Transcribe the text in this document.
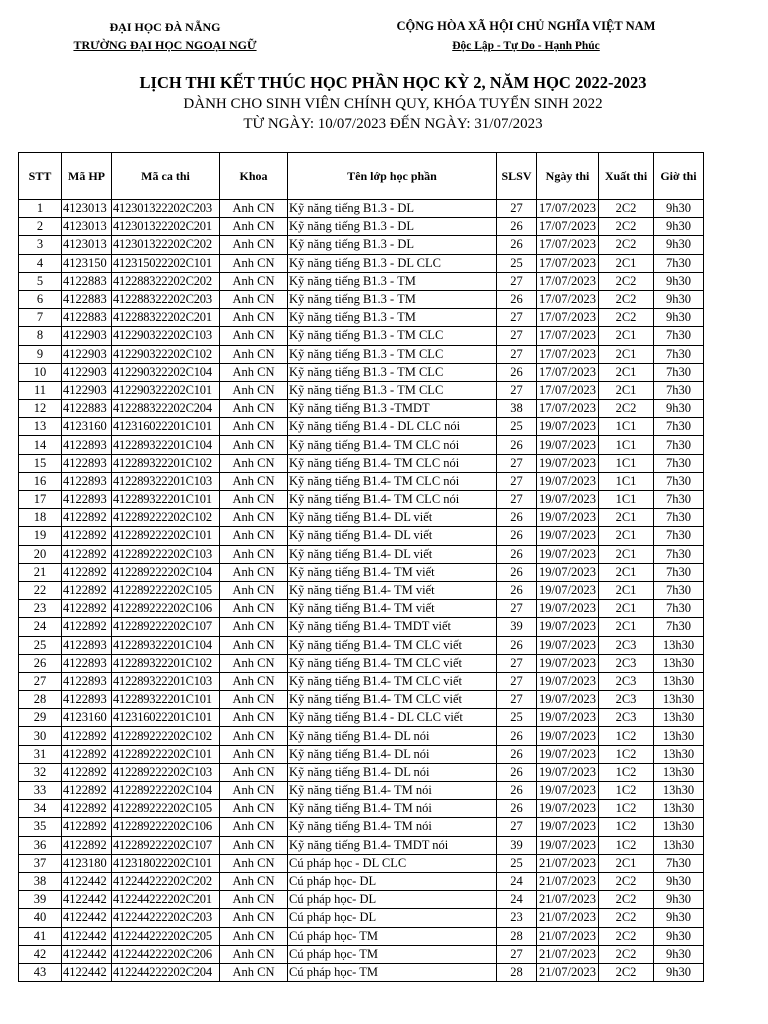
ĐẠI HỌC ĐÀ NẴNG
TRƯỜNG ĐẠI HỌC NGOẠI NGỮ
CỘNG HÒA XÃ HỘI CHỦ NGHĨA VIỆT NAM
Độc Lập - Tự Do - Hạnh Phúc
LỊCH THI KẾT THÚC HỌC PHẦN HỌC KỲ 2, NĂM HỌC 2022-2023
DÀNH CHO SINH VIÊN CHÍNH QUY, KHÓA TUYỂN SINH 2022
TỪ NGÀY: 10/07/2023 ĐẾN NGÀY: 31/07/2023
STT	Mã HP	Mã ca thi	Khoa	Tên lớp học phần	SLSV	Ngày thi	Xuất thi	Giờ thi
1	4123013	412301322202C203	Anh CN	Kỹ năng tiếng B1.3 - DL	27	17/07/2023	2C2	9h30
2	4123013	412301322202C201	Anh CN	Kỹ năng tiếng B1.3 - DL	26	17/07/2023	2C2	9h30
3	4123013	412301322202C202	Anh CN	Kỹ năng tiếng B1.3 - DL	26	17/07/2023	2C2	9h30
4	4123150	412315022202C101	Anh CN	Kỹ năng tiếng B1.3 - DL CLC	25	17/07/2023	2C1	7h30
5	4122883	412288322202C202	Anh CN	Kỹ năng tiếng B1.3 - TM	27	17/07/2023	2C2	9h30
6	4122883	412288322202C203	Anh CN	Kỹ năng tiếng B1.3 - TM	26	17/07/2023	2C2	9h30
7	4122883	412288322202C201	Anh CN	Kỹ năng tiếng B1.3 - TM	27	17/07/2023	2C2	9h30
8	4122903	412290322202C103	Anh CN	Kỹ năng tiếng B1.3 - TM CLC	27	17/07/2023	2C1	7h30
9	4122903	412290322202C102	Anh CN	Kỹ năng tiếng B1.3 - TM CLC	27	17/07/2023	2C1	7h30
10	4122903	412290322202C104	Anh CN	Kỹ năng tiếng B1.3 - TM CLC	26	17/07/2023	2C1	7h30
11	4122903	412290322202C101	Anh CN	Kỹ năng tiếng B1.3 - TM CLC	27	17/07/2023	2C1	7h30
12	4122883	412288322202C204	Anh CN	Kỹ năng tiếng B1.3 -TMDT	38	17/07/2023	2C2	9h30
13	4123160	412316022201C101	Anh CN	Kỹ năng tiếng B1.4 - DL CLC nói	25	19/07/2023	1C1	7h30
14	4122893	412289322201C104	Anh CN	Kỹ năng tiếng B1.4- TM CLC nói	26	19/07/2023	1C1	7h30
15	4122893	412289322201C102	Anh CN	Kỹ năng tiếng B1.4- TM CLC nói	27	19/07/2023	1C1	7h30
16	4122893	412289322201C103	Anh CN	Kỹ năng tiếng B1.4- TM CLC nói	27	19/07/2023	1C1	7h30
17	4122893	412289322201C101	Anh CN	Kỹ năng tiếng B1.4- TM CLC nói	27	19/07/2023	1C1	7h30
18	4122892	412289222202C102	Anh CN	Kỹ năng tiếng B1.4- DL viết	26	19/07/2023	2C1	7h30
19	4122892	412289222202C101	Anh CN	Kỹ năng tiếng B1.4- DL viết	26	19/07/2023	2C1	7h30
20	4122892	412289222202C103	Anh CN	Kỹ năng tiếng B1.4- DL viết	26	19/07/2023	2C1	7h30
21	4122892	412289222202C104	Anh CN	Kỹ năng tiếng B1.4- TM viết	26	19/07/2023	2C1	7h30
22	4122892	412289222202C105	Anh CN	Kỹ năng tiếng B1.4- TM viết	26	19/07/2023	2C1	7h30
23	4122892	412289222202C106	Anh CN	Kỹ năng tiếng B1.4- TM viết	27	19/07/2023	2C1	7h30
24	4122892	412289222202C107	Anh CN	Kỹ năng tiếng B1.4- TMDT viết	39	19/07/2023	2C1	7h30
25	4122893	412289322201C104	Anh CN	Kỹ năng tiếng B1.4- TM CLC viết	26	19/07/2023	2C3	13h30
26	4122893	412289322201C102	Anh CN	Kỹ năng tiếng B1.4- TM CLC viết	27	19/07/2023	2C3	13h30
27	4122893	412289322201C103	Anh CN	Kỹ năng tiếng B1.4- TM CLC viết	27	19/07/2023	2C3	13h30
28	4122893	412289322201C101	Anh CN	Kỹ năng tiếng B1.4- TM CLC viết	27	19/07/2023	2C3	13h30
29	4123160	412316022201C101	Anh CN	Kỹ năng tiếng B1.4 - DL CLC viết	25	19/07/2023	2C3	13h30
30	4122892	412289222202C102	Anh CN	Kỹ năng tiếng B1.4- DL nói	26	19/07/2023	1C2	13h30
31	4122892	412289222202C101	Anh CN	Kỹ năng tiếng B1.4- DL nói	26	19/07/2023	1C2	13h30
32	4122892	412289222202C103	Anh CN	Kỹ năng tiếng B1.4- DL nói	26	19/07/2023	1C2	13h30
33	4122892	412289222202C104	Anh CN	Kỹ năng tiếng B1.4- TM nói	26	19/07/2023	1C2	13h30
34	4122892	412289222202C105	Anh CN	Kỹ năng tiếng B1.4- TM nói	26	19/07/2023	1C2	13h30
35	4122892	412289222202C106	Anh CN	Kỹ năng tiếng B1.4- TM nói	27	19/07/2023	1C2	13h30
36	4122892	412289222202C107	Anh CN	Kỹ năng tiếng B1.4- TMDT nói	39	19/07/2023	1C2	13h30
37	4123180	412318022202C101	Anh CN	Cú pháp học - DL CLC	25	21/07/2023	2C1	7h30
38	4122442	412244222202C202	Anh CN	Cú pháp học- DL	24	21/07/2023	2C2	9h30
39	4122442	412244222202C201	Anh CN	Cú pháp học- DL	24	21/07/2023	2C2	9h30
40	4122442	412244222202C203	Anh CN	Cú pháp học- DL	23	21/07/2023	2C2	9h30
41	4122442	412244222202C205	Anh CN	Cú pháp học- TM	28	21/07/2023	2C2	9h30
42	4122442	412244222202C206	Anh CN	Cú pháp học- TM	27	21/07/2023	2C2	9h30
43	4122442	412244222202C204	Anh CN	Cú pháp học- TM	28	21/07/2023	2C2	9h30
